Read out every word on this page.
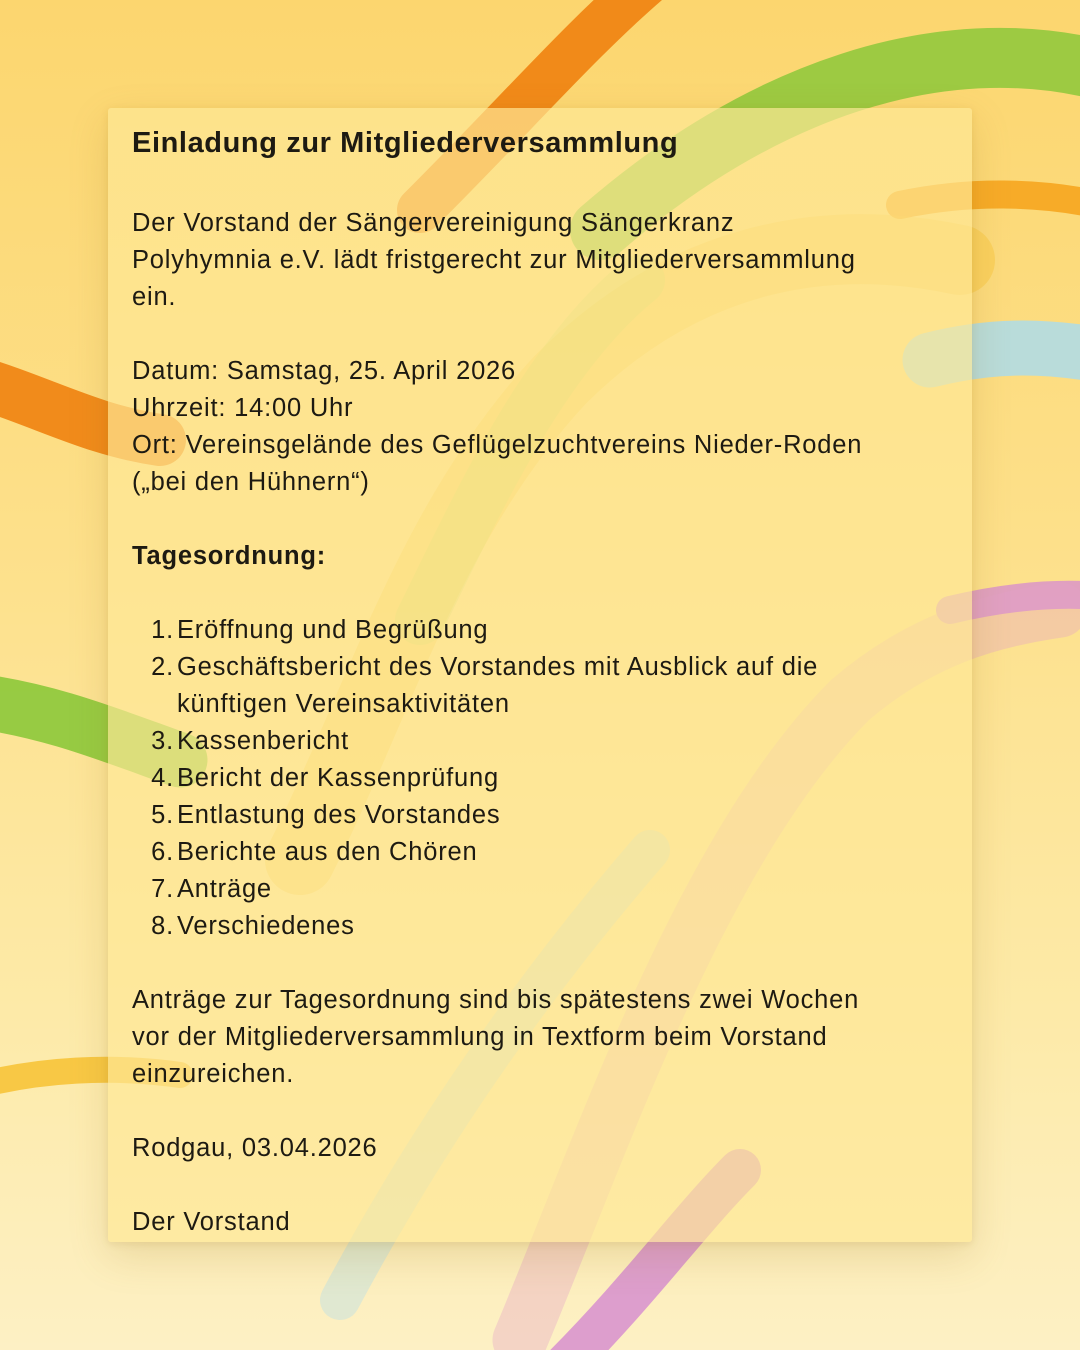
Einladung zur Mitgliederversammlung
Der Vorstand der Sängervereinigung Sängerkranz
Polyhymnia e.V. lädt fristgerecht zur Mitgliederversammlung
ein.
Datum: Samstag, 25. April 2026
Uhrzeit: 14:00 Uhr
Ort: Vereinsgelände des Geflügelzuchtvereins Nieder-Roden
(„bei den Hühnern“)
Tagesordnung:
1. Eröffnung und Begrüßung
2. Geschäftsbericht des Vorstandes mit Ausblick auf die
künftigen Vereinsaktivitäten
3. Kassenbericht
4. Bericht der Kassenprüfung
5. Entlastung des Vorstandes
6. Berichte aus den Chören
7. Anträge
8. Verschiedenes
Anträge zur Tagesordnung sind bis spätestens zwei Wochen
vor der Mitgliederversammlung in Textform beim Vorstand
einzureichen.
Rodgau, 03.04.2026
Der Vorstand
